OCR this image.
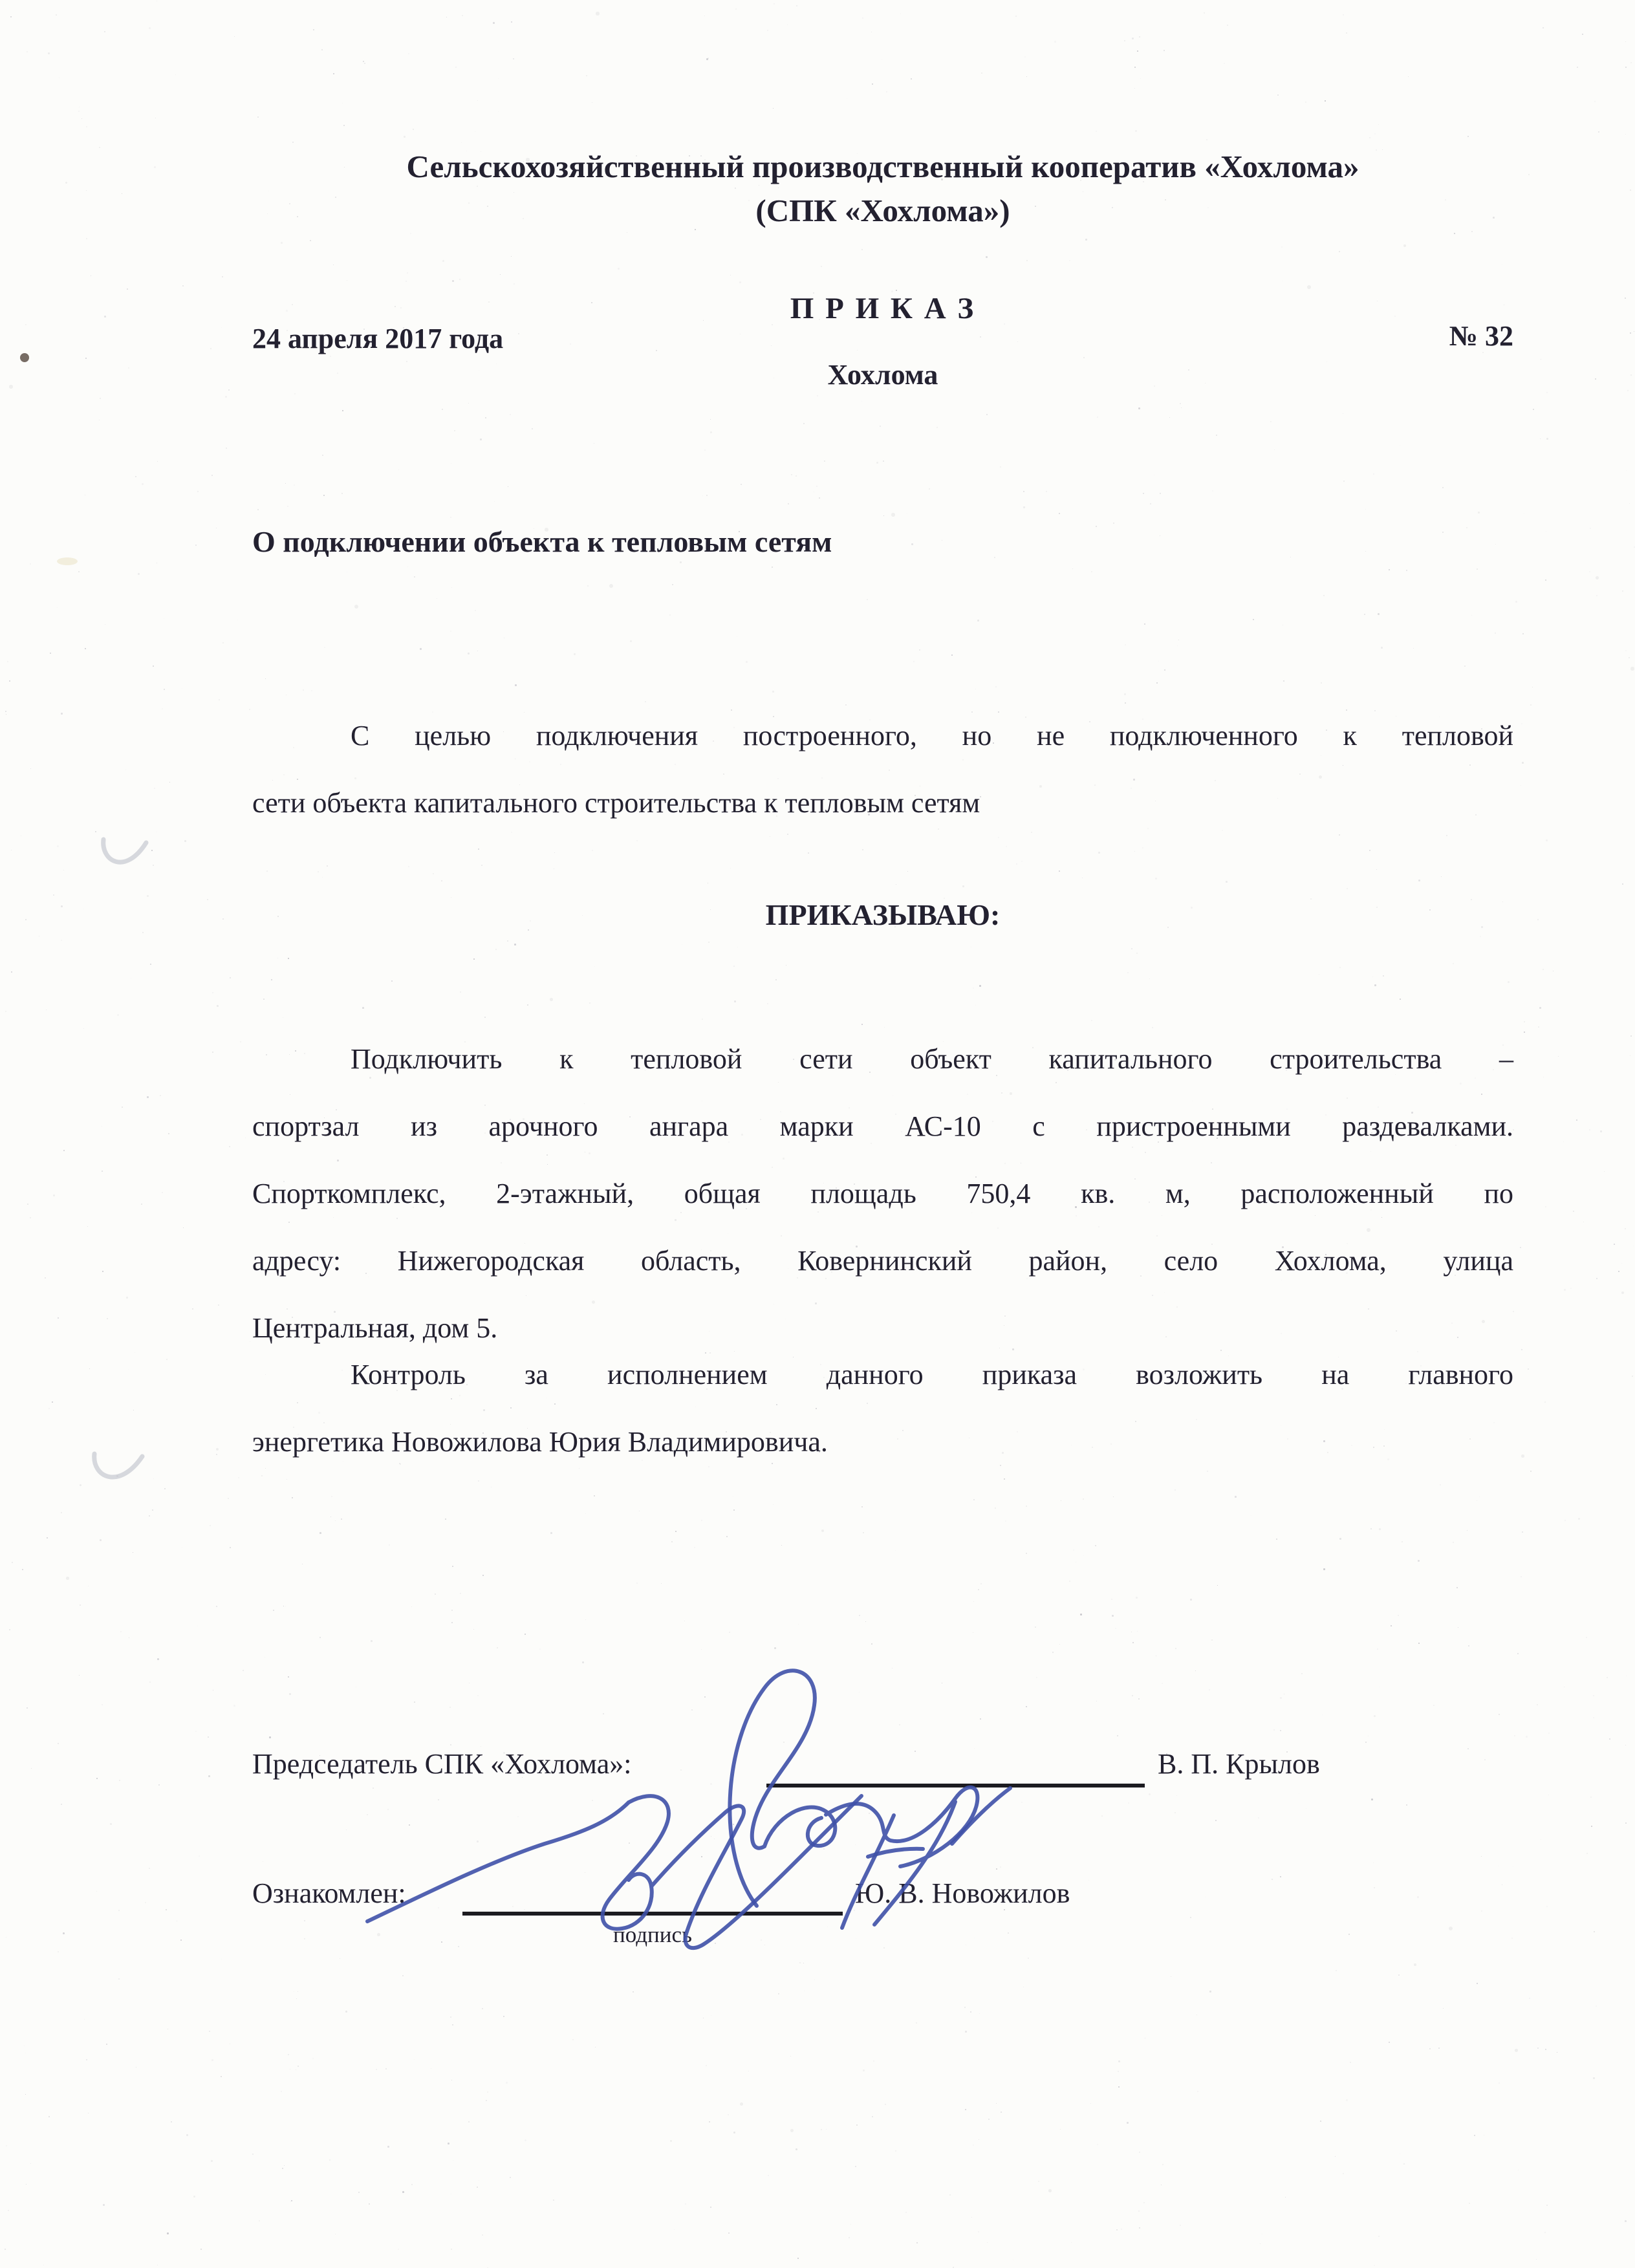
Сельскохозяйственный производственный кооператив «Хохлома»
(СПК «Хохлома»)
П Р И К А З
24 апреля 2017 года	№ 32
Хохлома
О подключении объекта к тепловым сетям
С целью подключения построенного, но не подключенного к тепловой
сети объекта капитального строительства к тепловым сетям
ПРИКАЗЫВАЮ:
Подключить к тепловой сети объект капитального строительства –
спортзал из арочного ангара марки АС-10 с пристроенными раздевалками.
Спорткомплекс, 2-этажный, общая площадь 750,4 кв. м, расположенный по
адресу: Нижегородская область, Ковернинский район, село Хохлома, улица
Центральная, дом 5.
Контроль за исполнением данного приказа возложить на главного
энергетика Новожилова Юрия Владимировича.
Председатель СПК «Хохлома»:	В. П. Крылов
Ознакомлен:
подпись
Ю. В. Новожилов
